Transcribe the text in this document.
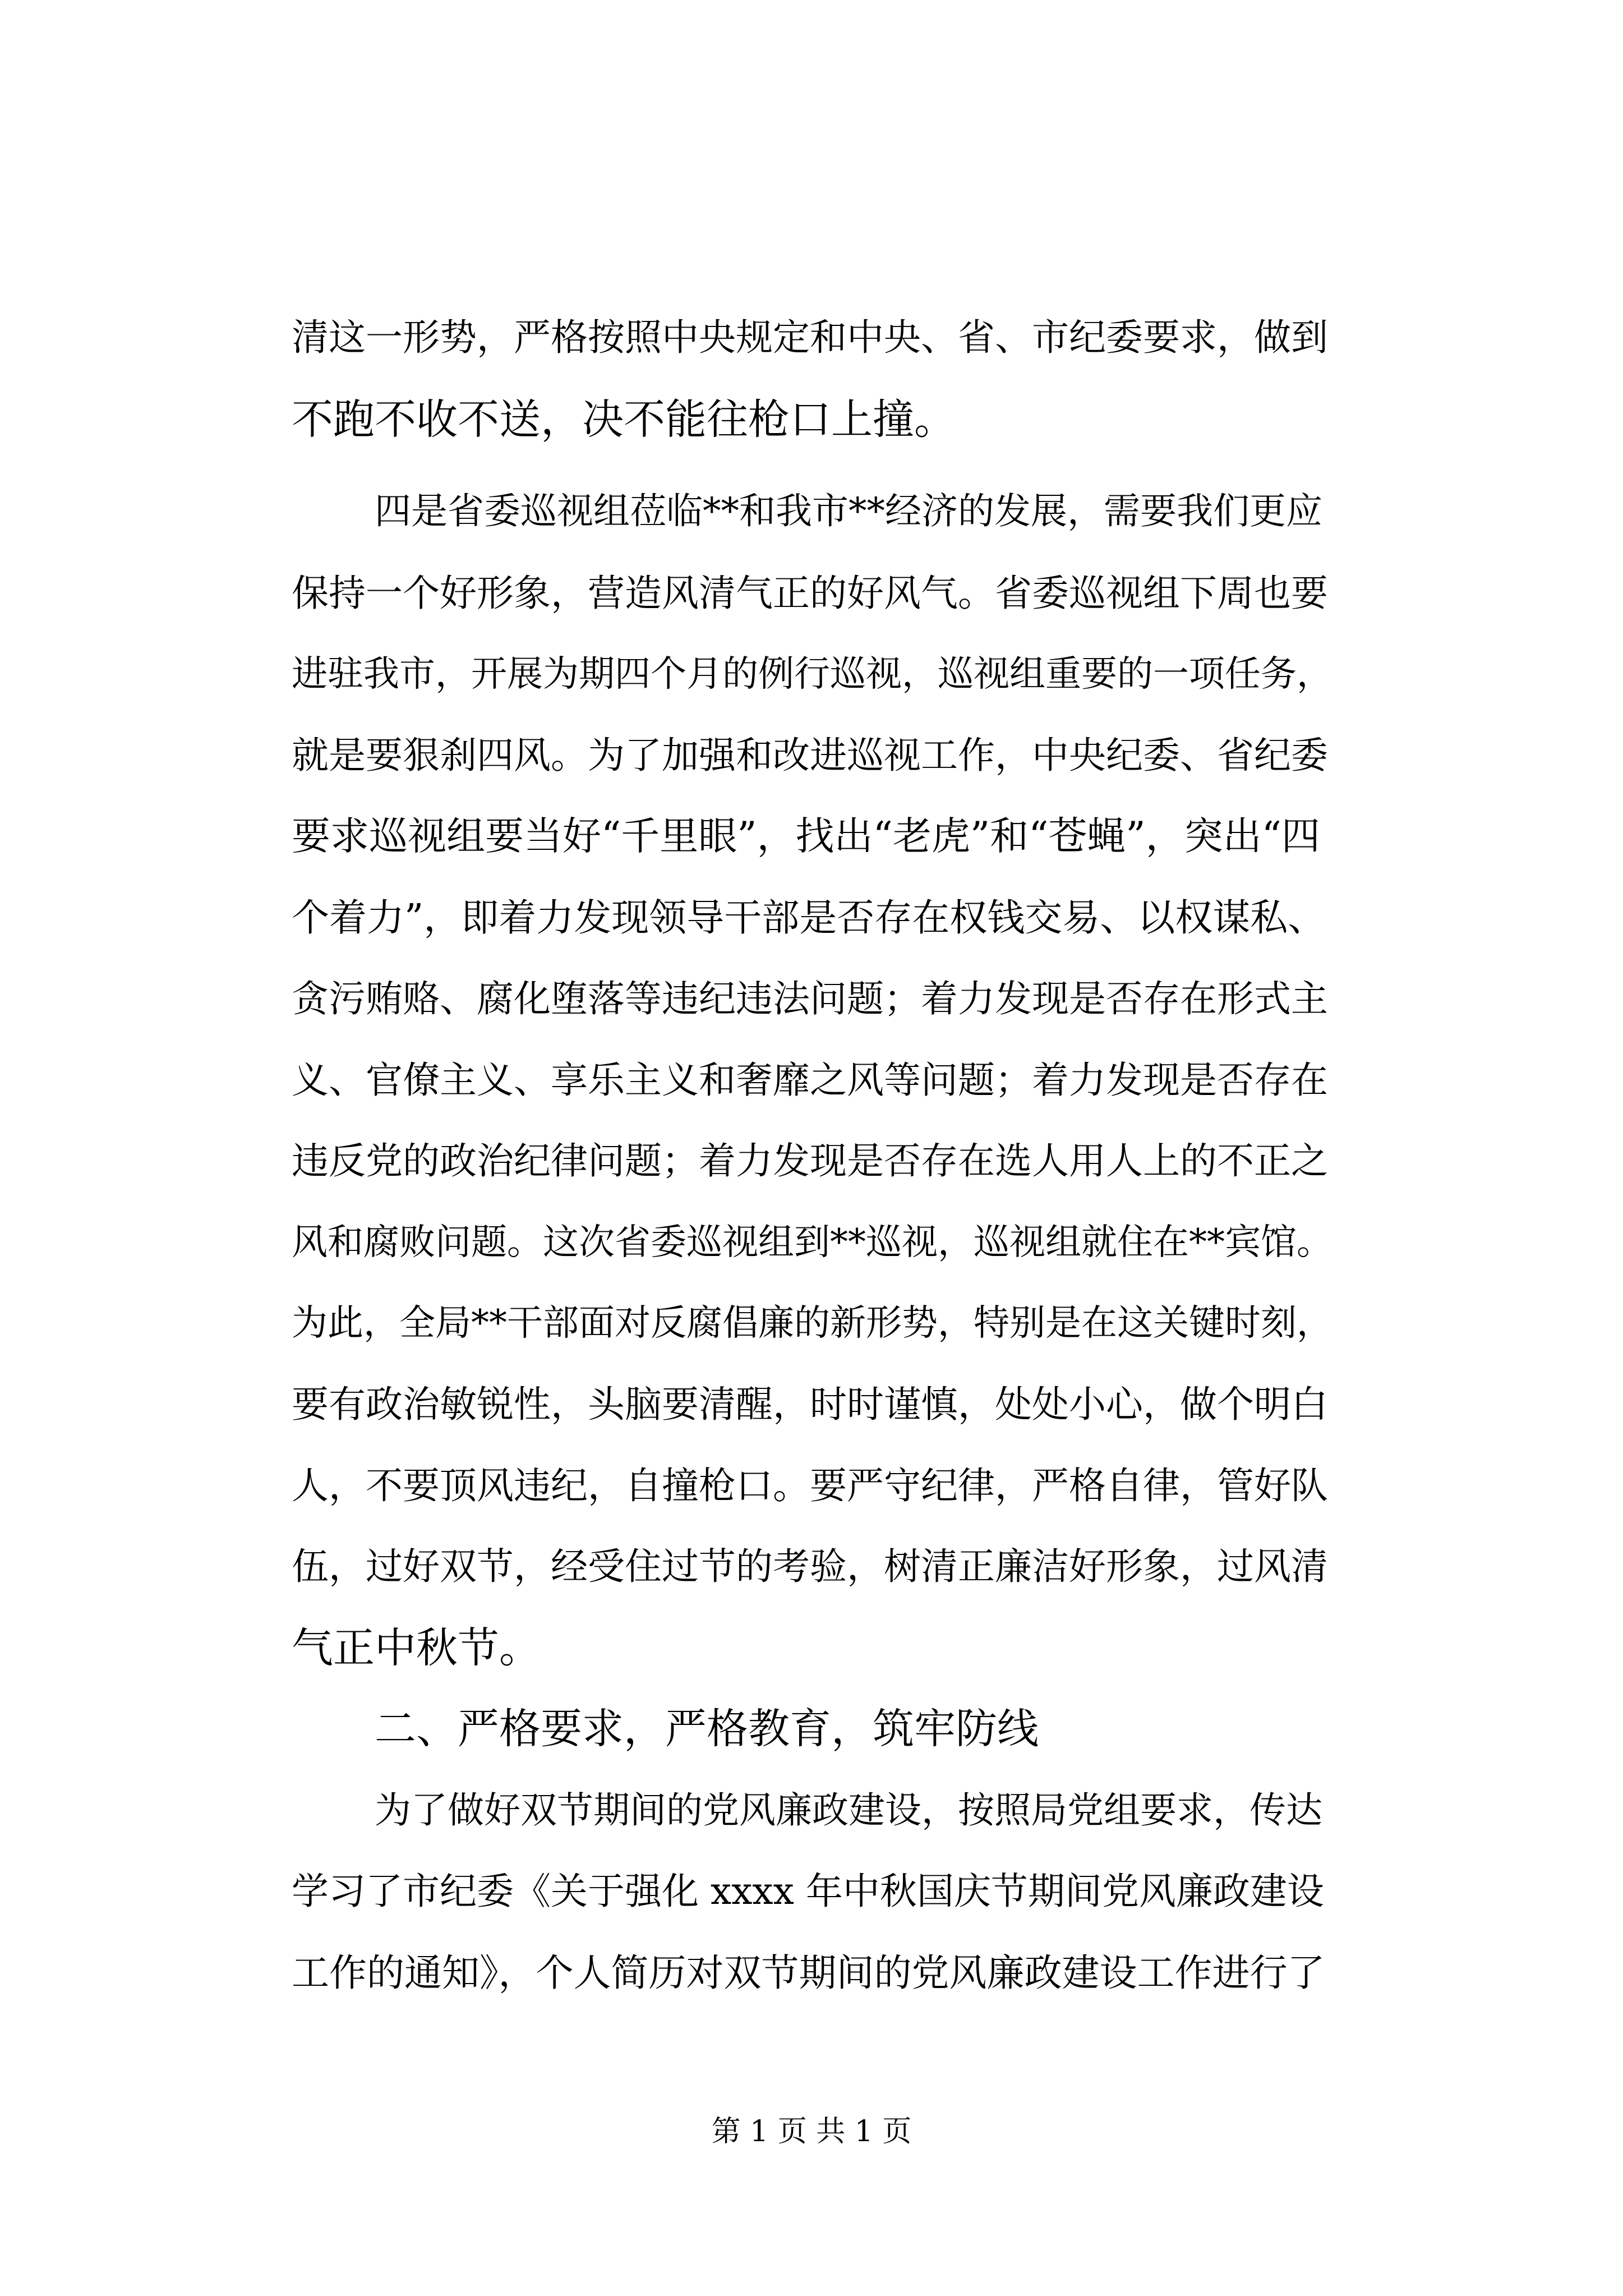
清这一形势，严格按照中央规定和中央、省、市纪委要求，做到
不跑不收不送，决不能往枪口上撞。
四是省委巡视组莅临**和我市**经济的发展，需要我们更应
保持一个好形象，营造风清气正的好风气。省委巡视组下周也要
进驻我市，开展为期四个月的例行巡视，巡视组重要的一项任务，
就是要狠刹四风。为了加强和改进巡视工作，中央纪委、省纪委
要求巡视组要当好“千里眼”，找出“老虎”和“苍蝇”，突出“四
个着力”，即着力发现领导干部是否存在权钱交易、以权谋私、
贪污贿赂、腐化堕落等违纪违法问题；着力发现是否存在形式主
义、官僚主义、享乐主义和奢靡之风等问题；着力发现是否存在
违反党的政治纪律问题；着力发现是否存在选人用人上的不正之
风和腐败问题。这次省委巡视组到**巡视，巡视组就住在**宾馆。
为此，全局**干部面对反腐倡廉的新形势，特别是在这关键时刻，
要有政治敏锐性，头脑要清醒，时时谨慎，处处小心，做个明白
人，不要顶风违纪，自撞枪口。要严守纪律，严格自律，管好队
伍，过好双节，经受住过节的考验，树清正廉洁好形象，过风清
气正中秋节。
二、严格要求，严格教育，筑牢防线
为了做好双节期间的党风廉政建设，按照局党组要求，传达
学习了市纪委《关于强化 xxxx 年中秋国庆节期间党风廉政建设
工作的通知》，个人简历对双节期间的党风廉政建设工作进行了
第 1 页 共 1 页
